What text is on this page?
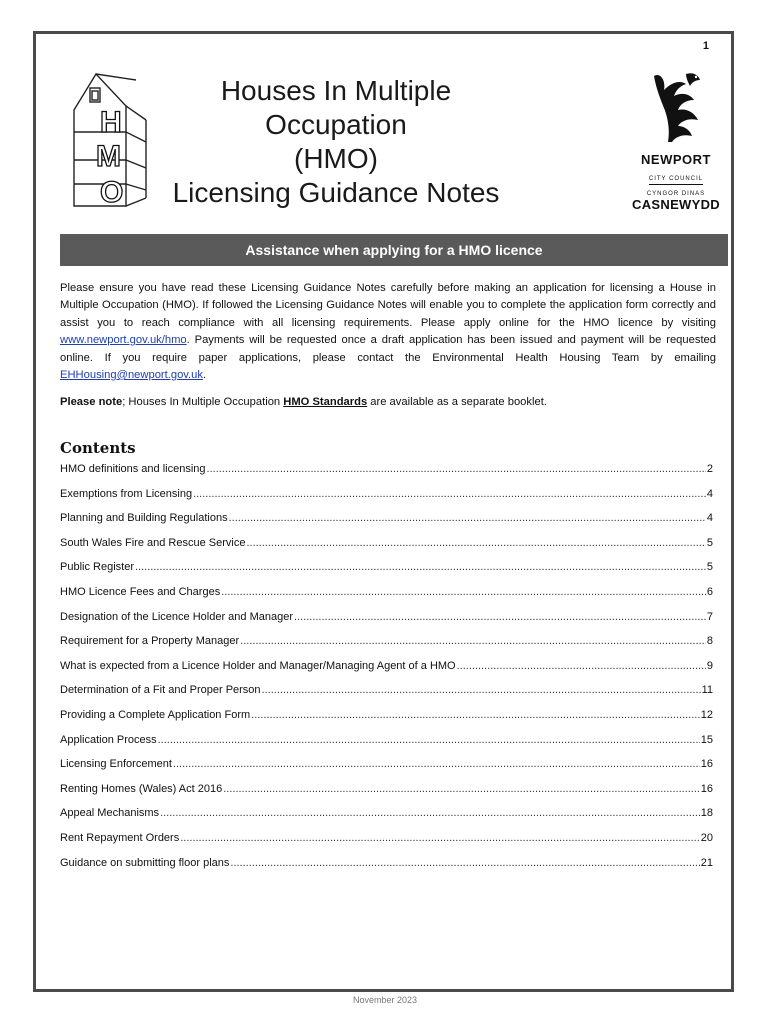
1
H
M
O
Houses In Multiple Occupation
(HMO)
Licensing Guidance Notes
NEWPORT
CITY COUNCIL
CYNGOR DINAS
CASNEWYDD
Assistance when applying for a HMO licence
Please ensure you have read these Licensing Guidance Notes carefully before making an application for licensing a House in Multiple Occupation (HMO). If followed the Licensing Guidance Notes will enable you to complete the application form correctly and assist you to reach compliance with all licensing requirements. Please apply online for the HMO licence by visiting www.newport.gov.uk/hmo. Payments will be requested once a draft application has been issued and payment will be requested online. If you require paper applications, please contact the Environmental Health Housing Team by emailing EHHousing@newport.gov.uk.
Please note; Houses In Multiple Occupation HMO Standards are available as a separate booklet.
Contents
HMO definitions and licensing .....	2
Exemptions from Licensing .....	4
Planning and Building Regulations .....	4
South Wales Fire and Rescue Service .....	5
Public Register .....	5
HMO Licence Fees and Charges .....	6
Designation of the Licence Holder and Manager .....	7
Requirement for a Property Manager .....	8
What is expected from a Licence Holder and Manager/Managing Agent of a HMO .....	9
Determination of a Fit and Proper Person .....	11
Providing a Complete Application Form .....	12
Application Process .....	15
Licensing Enforcement .....	16
Renting Homes (Wales) Act 2016 .....	16
Appeal Mechanisms .....	18
Rent Repayment Orders .....	20
Guidance on submitting floor plans .....	21
November 2023
